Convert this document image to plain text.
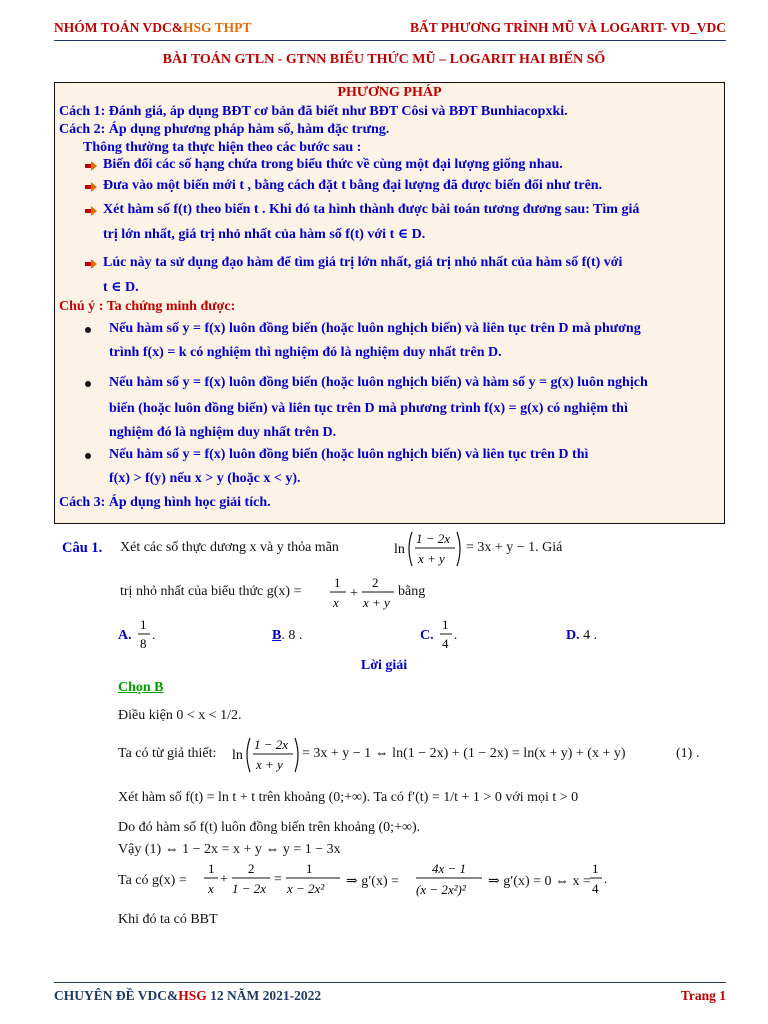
NHÓM TOÁN VDC&HSG THPT	BẤT PHƯƠNG TRÌNH MŨ VÀ LOGARIT- VD_VDC
BÀI TOÁN GTLN - GTNN BIỂU THỨC MŨ – LOGARIT HAI BIẾN SỐ
PHƯƠNG PHÁP
Cách 1: Đánh giá, áp dụng BĐT cơ bản đã biết như BĐT Côsi và BĐT Bunhiacopxki.
Cách 2: Áp dụng phương pháp hàm số, hàm đặc trưng.
Thông thường ta thực hiện theo các bước sau :
Biến đổi các số hạng chứa trong biểu thức về cùng một đại lượng giống nhau.
Đưa vào một biến mới t , bằng cách đặt t bằng đại lượng đã được biến đổi như trên.
Xét hàm số f(t) theo biến t . Khi đó ta hình thành được bài toán tương đương sau: Tìm giá
trị lớn nhất, giá trị nhỏ nhất của hàm số f(t) với t ∈ D.
Lúc này ta sử dụng đạo hàm để tìm giá trị lớn nhất, giá trị nhỏ nhất của hàm số f(t) với
t ∈ D.
Chú ý : Ta chứng minh được:
Nếu hàm số y = f(x) luôn đồng biến (hoặc luôn nghịch biến) và liên tục trên D mà phương
trình f(x) = k có nghiệm thì nghiệm đó là nghiệm duy nhất trên D.
Nếu hàm số y = f(x) luôn đồng biến (hoặc luôn nghịch biến) và hàm số y = g(x) luôn nghịch
biến (hoặc luôn đồng biến) và liên tục trên D mà phương trình f(x) = g(x) có nghiệm thì
nghiệm đó là nghiệm duy nhất trên D.
Nếu hàm số y = f(x) luôn đồng biến (hoặc luôn nghịch biến) và liên tục trên D thì
f(x) > f(y) nếu x > y (hoặc x < y).
Cách 3: Áp dụng hình học giải tích.
Câu 1. Xét các số thực dương x và y thỏa mãn	ln
1 − 2x
x + y
= 3x + y − 1. Giá
trị nhỏ nhất của biểu thức g(x) =
1
x
+
2
x + y
bằng
A.
1
8
.	B. 8 .	C.
1
4
.	D. 4 .
Lời giải
Chọn B
Điều kiện 0 < x < 1/2.
Ta có từ giả thiết: ln
1 − 2x
x + y
= 3x + y − 1 ⇔ ln(1 − 2x) + (1 − 2x) = ln(x + y) + (x + y)	(1) .
Xét hàm số f(t) = ln t + t trên khoảng (0;+∞). Ta có f′(t) = 1/t + 1 > 0 với mọi t > 0
Do đó hàm số f(t) luôn đồng biến trên khoảng (0;+∞).
Vậy (1) ⇔ 1 − 2x = x + y ⇔ y = 1 − 3x
Ta có g(x) =
1
x
+
2
1 − 2x
=
1
x − 2x² ⇒ g′(x) =
4x − 1
(x − 2x²)²
⇒ g′(x) = 0 ⇔ x =
1
4
.
Khi đó ta có BBT
CHUYÊN ĐỀ VDC&HSG 12 NĂM 2021-2022	Trang 1
